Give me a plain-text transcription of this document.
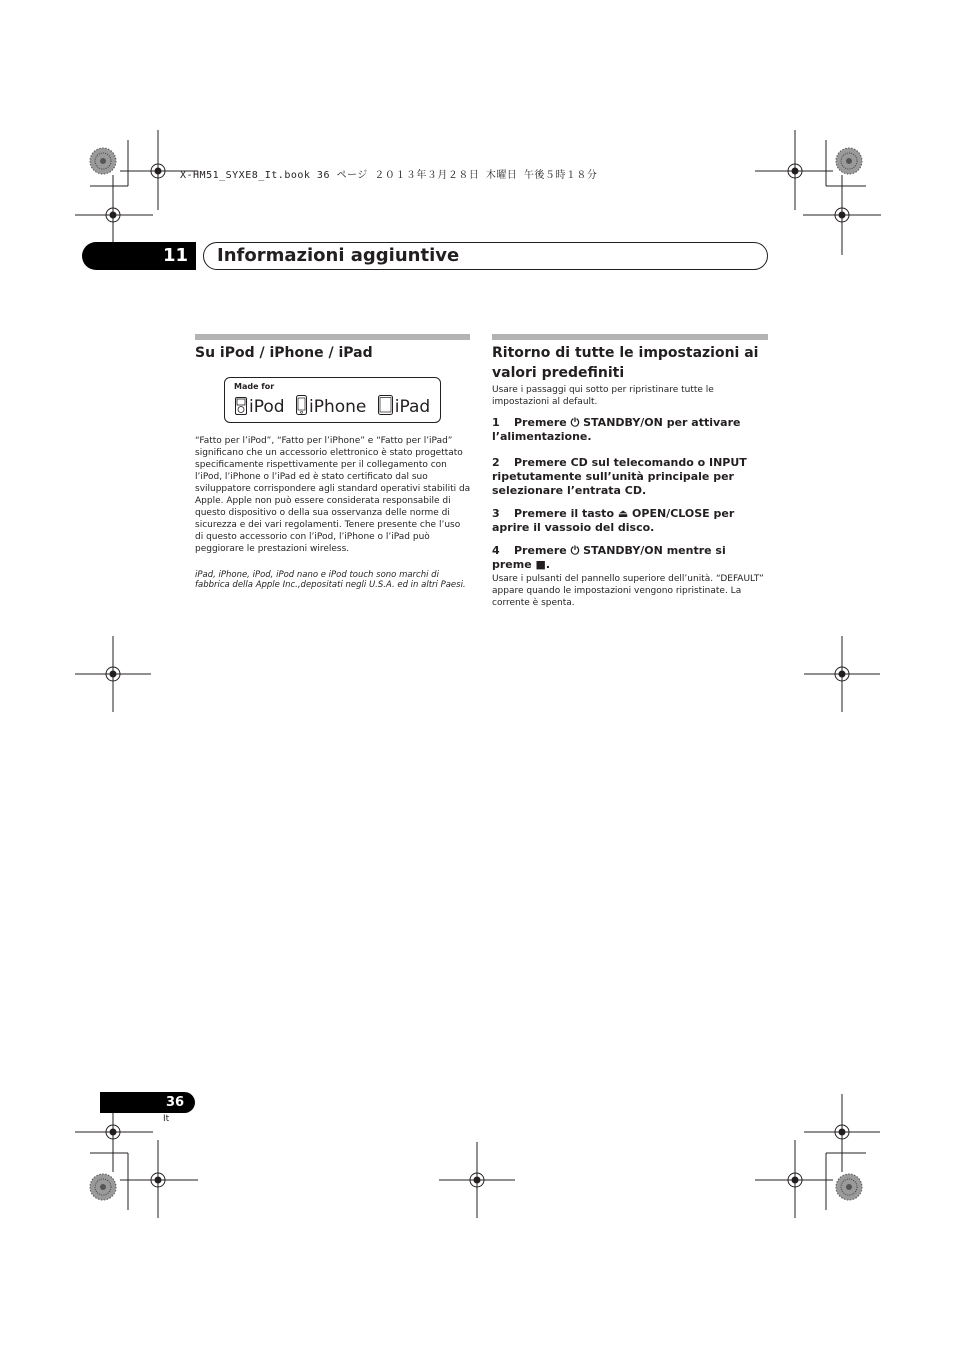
X-HM51_SYXE8_It.book 36 ページ ２０１３年３月２８日 木曜日 午後５時１８分
11 Informazioni aggiuntive
Su iPod / iPhone / iPad
Made for
iPod iPhone iPad
“Fatto per l’iPod”, “Fatto per l’iPhone” e “Fatto per l’iPad” significano che un accessorio elettronico è stato progettato specificamente rispettivamente per il collegamento con l’iPod, l’iPhone o l’iPad ed è stato certificato dal suo sviluppatore corrispondere agli standard operativi stabiliti da Apple. Apple non può essere considerata responsabile di questo dispositivo o della sua osservanza delle norme di sicurezza e dei vari regolamenti. Tenere presente che l’uso di questo accessorio con l’iPod, l’iPhone o l’iPad può peggiorare le prestazioni wireless.
iPad, iPhone, iPod, iPod nano e iPod touch sono marchi di fabbrica della Apple Inc.,depositati negli U.S.A. ed in altri Paesi.
Ritorno di tutte le impostazioni ai valori predefiniti
Usare i passaggi qui sotto per ripristinare tutte le impostazioni al default.
1 Premere ⏻ STANDBY/ON per attivare l’alimentazione.
2 Premere CD sul telecomando o INPUT ripetutamente sull’unità principale per selezionare l’entrata CD.
3 Premere il tasto ⏏ OPEN/CLOSE per aprire il vassoio del disco.
4 Premere ⏻ STANDBY/ON mentre si preme ■.
Usare i pulsanti del pannello superiore dell’unità. “DEFAULT” appare quando le impostazioni vengono ripristinate. La corrente è spenta.
36
It
